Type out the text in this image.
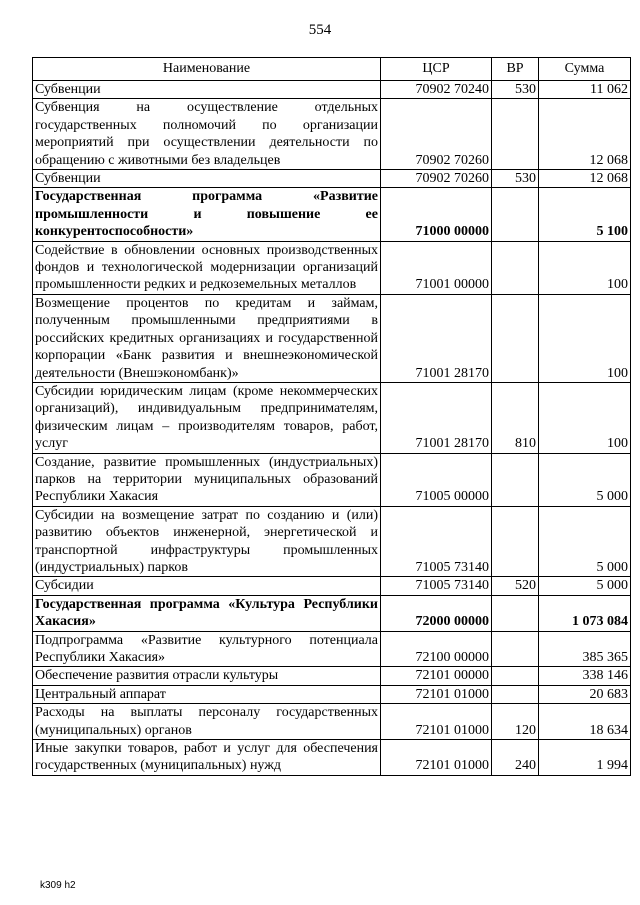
554
Наименование	ЦСР	ВР	Сумма
Субвенции	70902 70240	530	11 062
Субвенция на осуществление отдельных государственных полномочий по организации мероприятий при осуществлении деятельности по обращению с животными без владельцев	70902 70260		12 068
Субвенции	70902 70260	530	12 068
Государственная программа «Развитие промышленности и повышение ее конкурентоспособности»	71000 00000		5 100
Содействие в обновлении основных производственных фондов и технологической модернизации организаций промышленности редких и редкоземельных металлов	71001 00000		100
Возмещение процентов по кредитам и займам, полученным промышленными предприятиями в российских кредитных организациях и государственной корпорации «Банк развития и внешнеэкономической деятельности (Внешэкономбанк)»	71001 28170		100
Субсидии юридическим лицам (кроме некоммерческих организаций), индивидуальным предпринимателям, физическим лицам – производителям товаров, работ, услуг	71001 28170	810	100
Создание, развитие промышленных (индустриальных) парков на территории муниципальных образований Республики Хакасия	71005 00000		5 000
Субсидии на возмещение затрат по созданию и (или) развитию объектов инженерной, энергетической и транспортной инфраструктуры промышленных (индустриальных) парков	71005 73140		5 000
Субсидии	71005 73140	520	5 000
Государственная программа «Культура Республики Хакасия»	72000 00000		1 073 084
Подпрограмма «Развитие культурного потенциала Республики Хакасия»	72100 00000		385 365
Обеспечение развития отрасли культуры	72101 00000		338 146
Центральный аппарат	72101 01000		20 683
Расходы на выплаты персоналу государственных (муниципальных) органов	72101 01000	120	18 634
Иные закупки товаров, работ и услуг для обеспечения государственных (муниципальных) нужд	72101 01000	240	1 994
k309 h2
